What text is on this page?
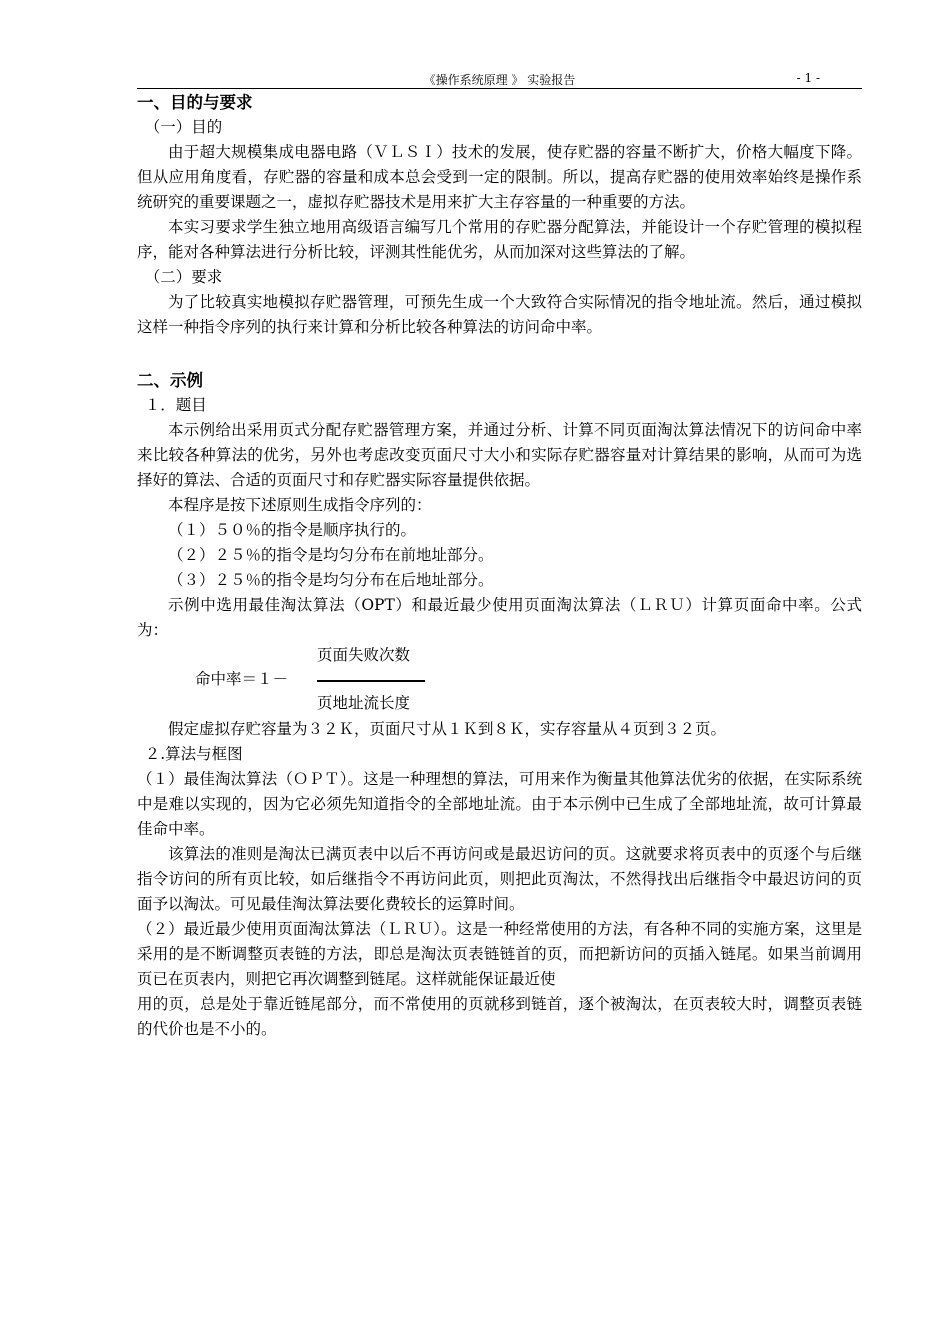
《操作系统原理 》 实验报告	- 1 -
一、目的与要求
（一）目的
由于超大规模集成电器电路（ＶＬＳＩ）技术的发展，使存贮器的容量不断扩大，价格大幅度下降。但从应用角度看，存贮器的容量和成本总会受到一定的限制。所以，提高存贮器的使用效率始终是操作系统研究的重要课题之一，虚拟存贮器技术是用来扩大主存容量的一种重要的方法。
本实习要求学生独立地用高级语言编写几个常用的存贮器分配算法，并能设计一个存贮管理的模拟程序，能对各种算法进行分析比较，评测其性能优劣，从而加深对这些算法的了解。
（二）要求
为了比较真实地模拟存贮器管理，可预先生成一个大致符合实际情况的指令地址流。然后，通过模拟这样一种指令序列的执行来计算和分析比较各种算法的访问命中率。
二、示例
１．题目
本示例给出采用页式分配存贮器管理方案，并通过分析、计算不同页面淘汰算法情况下的访问命中率来比较各种算法的优劣，另外也考虑改变页面尺寸大小和实际存贮器容量对计算结果的影响，从而可为选择好的算法、合适的页面尺寸和存贮器实际容量提供依据。
本程序是按下述原则生成指令序列的：
（１）５０％的指令是顺序执行的。
（２）２５％的指令是均匀分布在前地址部分。
（３）２５％的指令是均匀分布在后地址部分。
示例中选用最佳淘汰算法（OPT）和最近最少使用页面淘汰算法（ＬＲＵ）计算页面命中率。公式为：
页面失败次数
命中率＝１－
页地址流长度
假定虚拟存贮容量为３２Ｋ，页面尺寸从１Ｋ到８Ｋ，实存容量从４页到３２页。
２.算法与框图
（１）最佳淘汰算法（ＯＰＴ）。这是一种理想的算法，可用来作为衡量其他算法优劣的依据，在实际系统中是难以实现的，因为它必须先知道指令的全部地址流。由于本示例中已生成了全部地址流，故可计算最佳命中率。
该算法的准则是淘汰已满页表中以后不再访问或是最迟访问的页。这就要求将页表中的页逐个与后继指令访问的所有页比较，如后继指令不再访问此页，则把此页淘汰，不然得找出后继指令中最迟访问的页面予以淘汰。可见最佳淘汰算法要化费较长的运算时间。
（２）最近最少使用页面淘汰算法（ＬＲＵ）。这是一种经常使用的方法，有各种不同的实施方案，这里是采用的是不断调整页表链的方法，即总是淘汰页表链链首的页，而把新访问的页插入链尾。如果当前调用页已在页表内，则把它再次调整到链尾。这样就能保证最近使
用的页，总是处于靠近链尾部分，而不常使用的页就移到链首，逐个被淘汰，在页表较大时，调整页表链的代价也是不小的。
